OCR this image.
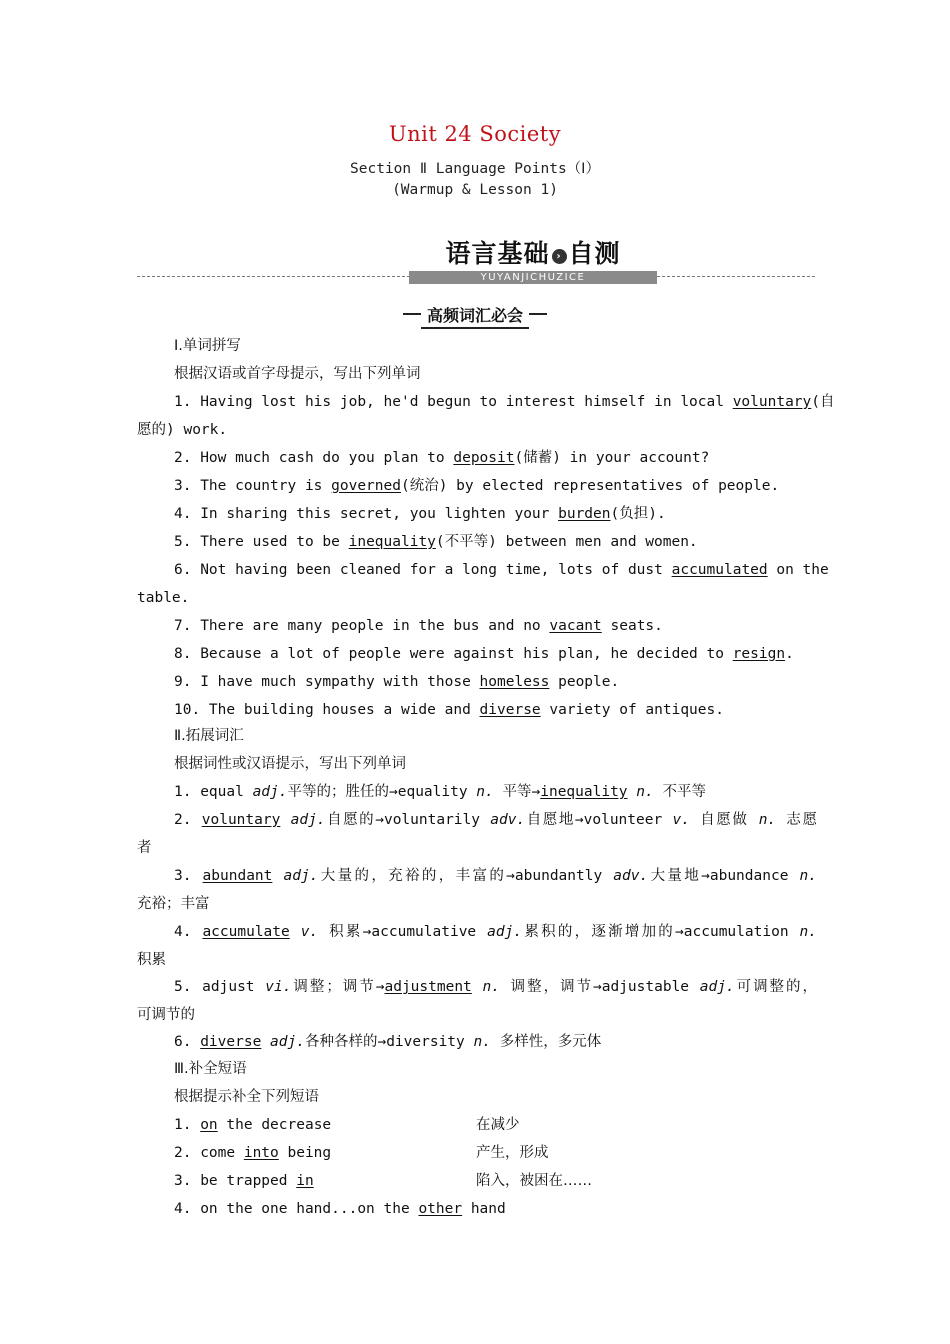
Unit 24 Society
Section Ⅱ Language Points（Ⅰ）
(Warmup & Lesson 1)
语言基础 › 自测
YUYANJICHUZICE
高频词汇必会
Ⅰ.单词拼写
根据汉语或首字母提示，写出下列单词
1. Having lost his job, he'd begun to interest himself in local voluntary(自
愿的) work.
2. How much cash do you plan to deposit(储蓄) in your account?
3. The country is governed(统治) by elected representatives of people.
4. In sharing this secret, you lighten your burden(负担).
5. There used to be inequality(不平等) between men and women.
6. Not having been cleaned for a long time, lots of dust accumulated on the
table.
7. There are many people in the bus and no vacant seats.
8. Because a lot of people were against his plan, he decided to resign.
9. I have much sympathy with those homeless people.
10. The building houses a wide and diverse variety of antiques.
Ⅱ.拓展词汇
根据词性或汉语提示，写出下列单词
1. equal adj.平等的；胜任的→equality n. 平等→inequality n. 不平等
2. voluntary adj.自愿的→voluntarily adv.自愿地→volunteer v. 自愿做 n. 志愿
者
3. abundant adj.大量的，充裕的，丰富的→abundantly adv.大量地→abundance n.
充裕；丰富
4. accumulate v. 积累→accumulative adj.累积的，逐渐增加的→accumulation n.
积累
5. adjust vi.调整；调节→adjustment n. 调整，调节→adjustable adj.可调整的，
可调节的
6. diverse adj.各种各样的→diversity n. 多样性，多元体
Ⅲ.补全短语
根据提示补全下列短语
1. on the decrease	在减少
2. come into being	产生，形成
3. be trapped in	陷入，被困在……
4. on the one hand...on the other hand
